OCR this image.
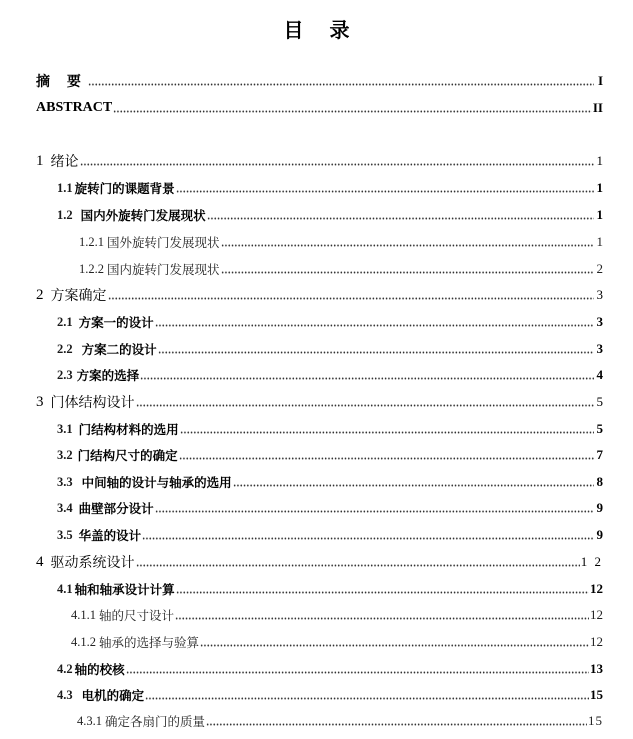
目录
摘 要	I
ABSTRACT	II
1 绪论	1
1.1 旋转门的课题背景	1
1.2 国内外旋转门发展现状	1
1.2.1 国外旋转门发展现状	1
1.2.2 国内旋转门发展现状	2
2 方案确定	3
2.1 方案一的设计	3
2.2 方案二的设计	3
2.3 方案的选择	4
3 门体结构设计	5
3.1 门结构材料的选用	5
3.2 门结构尺寸的确定	7
3.3 中间轴的设计与轴承的选用	8
3.4 曲壁部分设计	9
3.5 华盖的设计	9
4 驱动系统设计	1 2
4.1 轴和轴承设计计算	12
4.1.1 轴的尺寸设计	12
4.1.2 轴承的选择与验算	12
4.2 轴的校核	13
4.3 电机的确定	15
4.3.1 确定各扇门的质量	15
